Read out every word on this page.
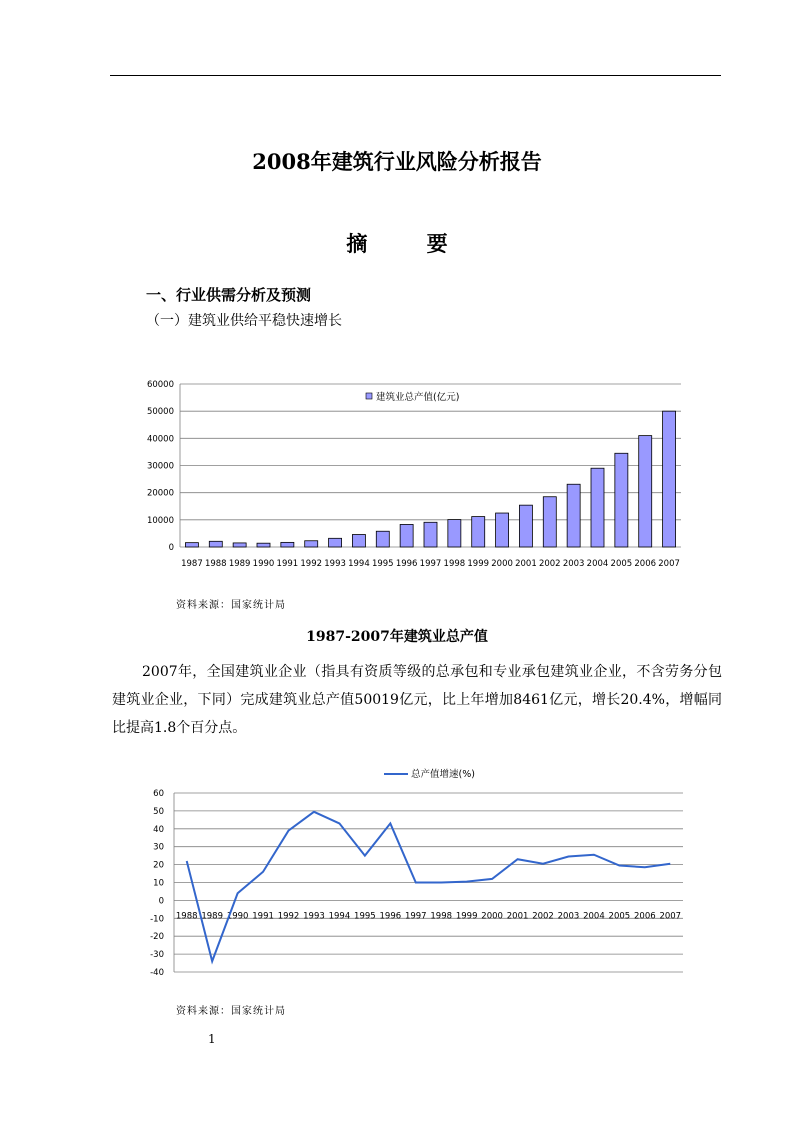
2008年建筑行业风险分析报告
摘 要
一、行业供需分析及预测
（一）建筑业供给平稳快速增长
0
10000
20000
30000
40000
50000
60000
1987 1988 1989 1990 1991 1992 1993 1994 1995 1996 1997 1998 1999 2000 2001 2002 2003 2004 2005 2006 2007
建筑业总产值(亿元)
资料来源：国家统计局
1987-2007年建筑业总产值
2007年，全国建筑业企业（指具有资质等级的总承包和专业承包建筑业企业，不含劳务分包建筑业企业，下同）完成建筑业总产值50019亿元，比上年增加8461亿元，增长20.4%，增幅同比提高1.8个百分点。
-40
-30
-20
-10
0
10
20
30
40
50
60
1988 1989 1990 1991 1992 1993 1994 1995 1996 1997 1998 1999 2000 2001 2002 2003 2004 2005 2006 2007
总产值增速(%)
资料来源：国家统计局
1
